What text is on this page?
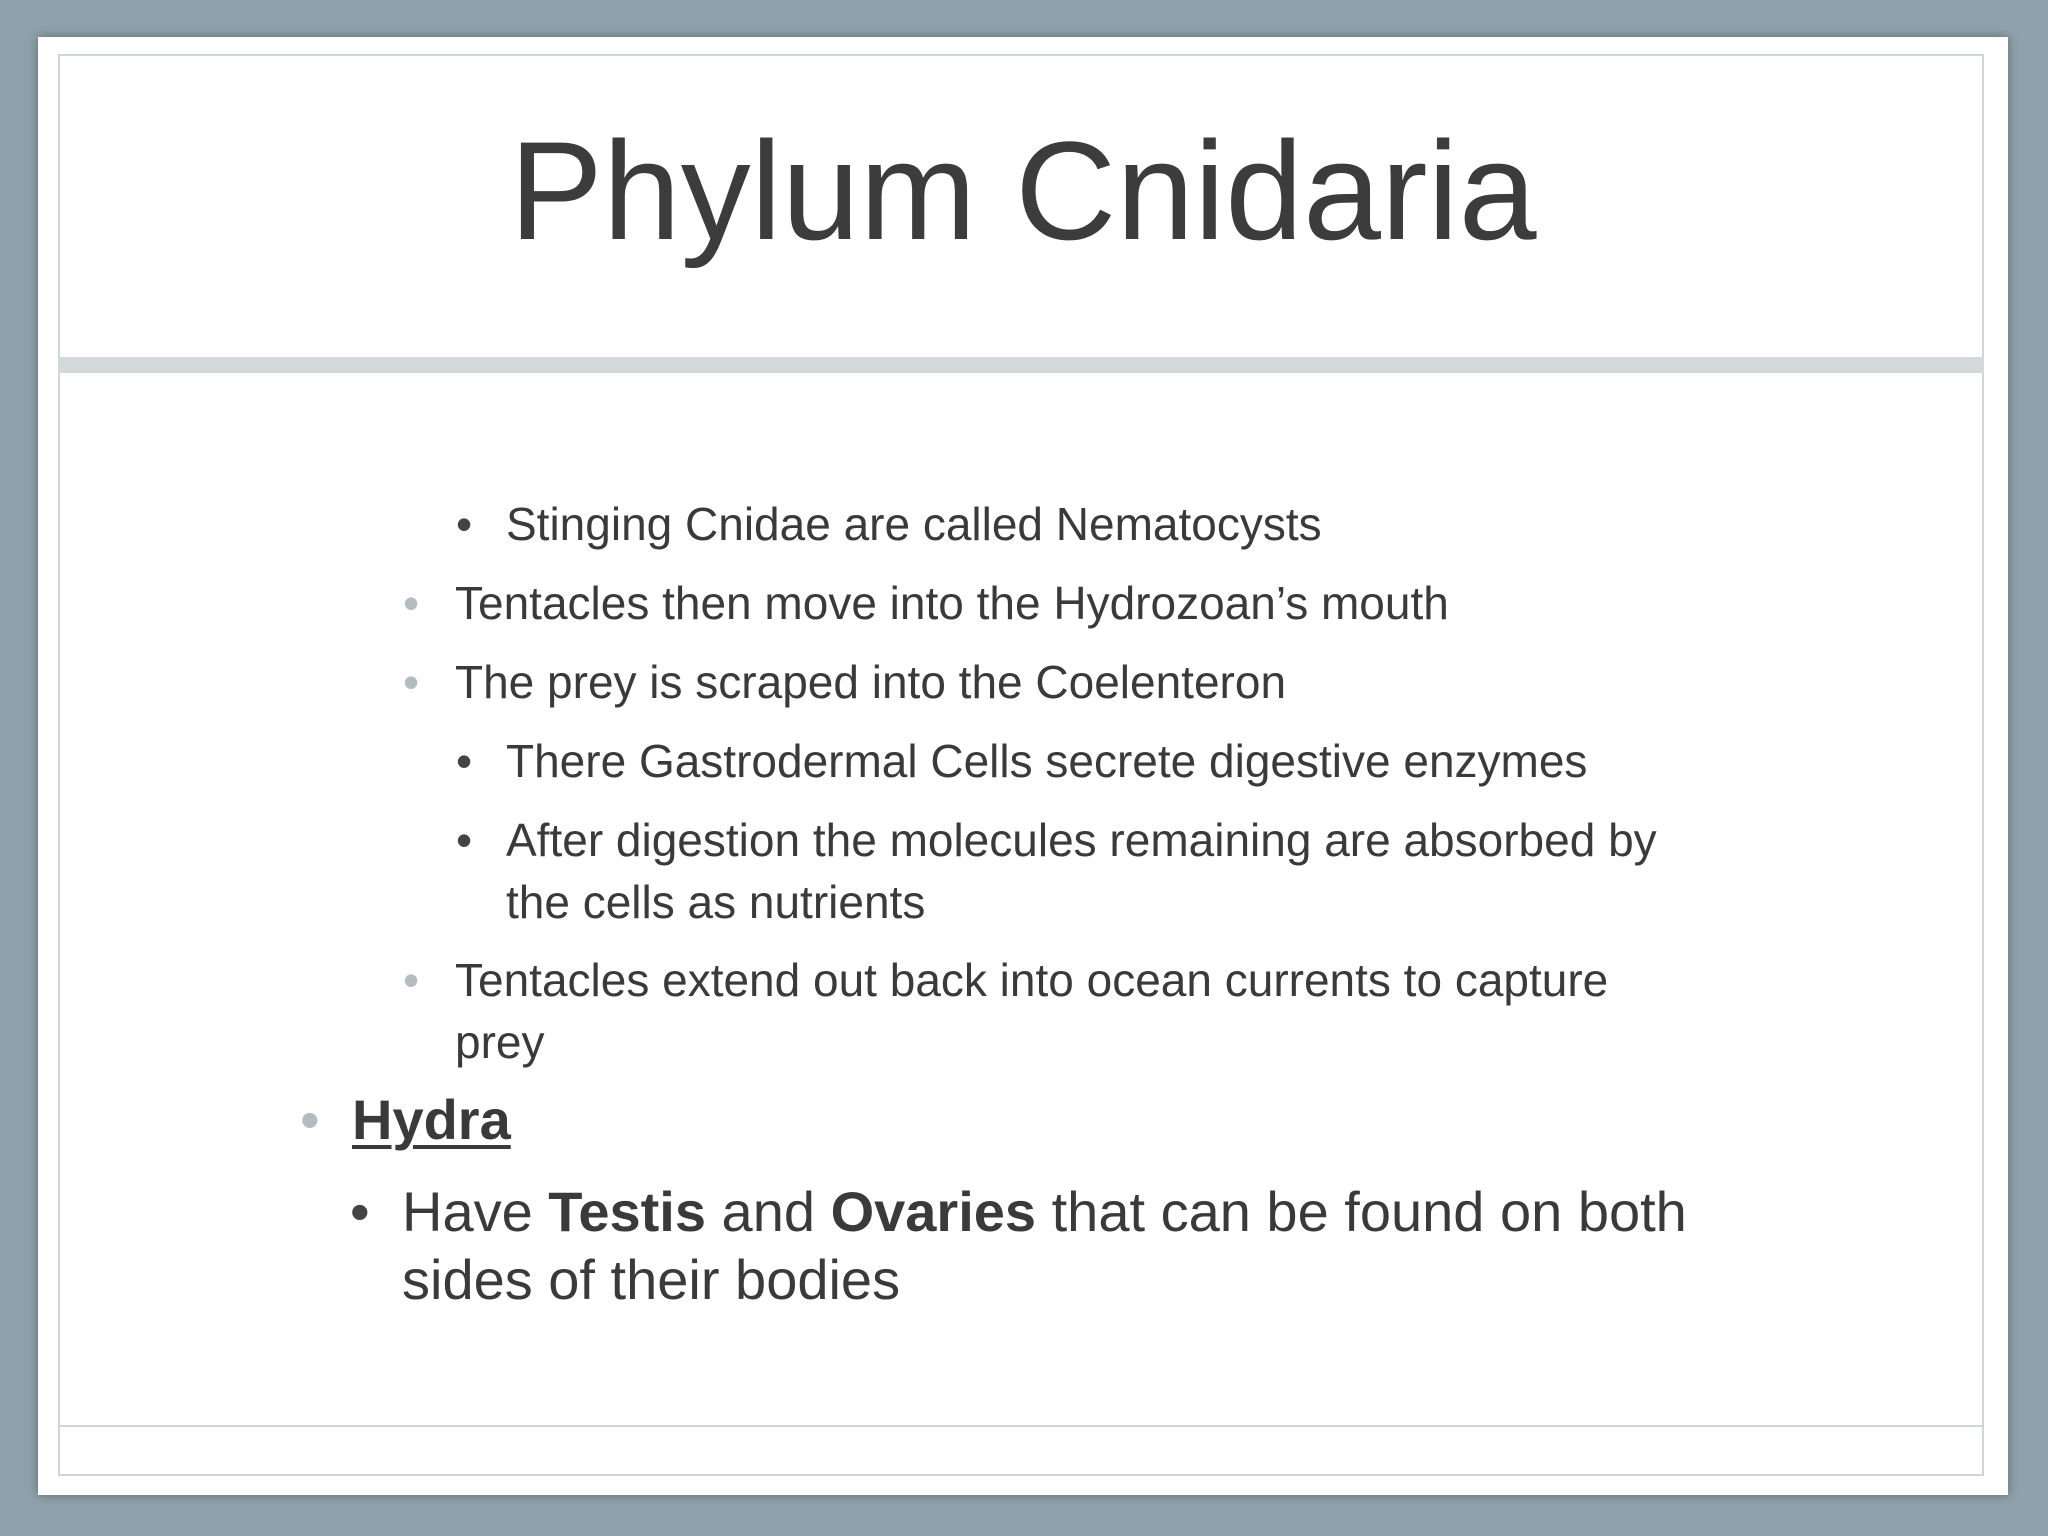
Phylum Cnidaria
• Stinging Cnidae are called Nematocysts
• Tentacles then move into the Hydrozoan’s mouth
• The prey is scraped into the Coelenteron
• There Gastrodermal Cells secrete digestive enzymes
• After digestion the molecules remaining are absorbed by
the cells as nutrients
• Tentacles extend out back into ocean currents to capture
prey
• Hydra
• Have Testis and Ovaries that can be found on both
sides of their bodies
